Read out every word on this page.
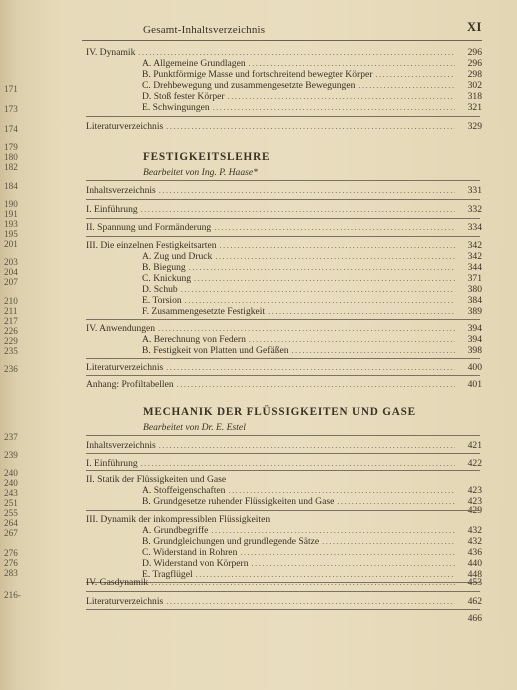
171
173
174
179
180
182
184
190
191
193
195
201
203
204
207
210
211
217
226
229
235
236
237
239
240
240
243
251
255
264
267
276
276
283
216-
Gesamt-Inhaltsverzeichnis	XI
IV. Dynamik .....	296
A. Allgemeine Grundlagen .....	296
B. Punktförmige Masse und fortschreitend bewegter Körper .....	298
C. Drehbewegung und zusammengesetzte Bewegungen .....	302
D. Stoß fester Körper .....	318
E. Schwingungen .....	321
Literaturverzeichnis .....	329
FESTIGKEITSLEHRE
Bearbeitet von Ing. P. Haase*
Inhaltsverzeichnis .....	331
I. Einführung .....	332
II. Spannung und Formänderung .....	334
III. Die einzelnen Festigkeitsarten .....	342
A. Zug und Druck .....	342
B. Biegung .....	344
C. Knickung .....	371
D. Schub .....	380
E. Torsion .....	384
F. Zusammengesetzte Festigkeit .....	389
IV. Anwendungen .....	394
A. Berechnung von Federn .....	394
B. Festigkeit von Platten und Gefäßen .....	398
Literaturverzeichnis .....	400
Anhang: Profiltabellen .....	401
MECHANIK DER FLÜSSIGKEITEN UND GASE
Bearbeitet von Dr. E. Estel
Inhaltsverzeichnis .....	421
I. Einführung .....	422
II. Statik der Flüssigkeiten und Gase
A. Stoffeigenschaften .....	423
B. Grundgesetze ruhender Flüssigkeiten und Gase .....	423
429
III. Dynamik der inkompressiblen Flüssigkeiten
A. Grundbegriffe .....	432
B. Grundgleichungen und grundlegende Sätze .....	432
C. Widerstand in Rohren .....	436
D. Widerstand von Körpern .....	440
E. Tragflügel .....	448
IV. Gasdynamik .....	453
Literaturverzeichnis .....	462
466
